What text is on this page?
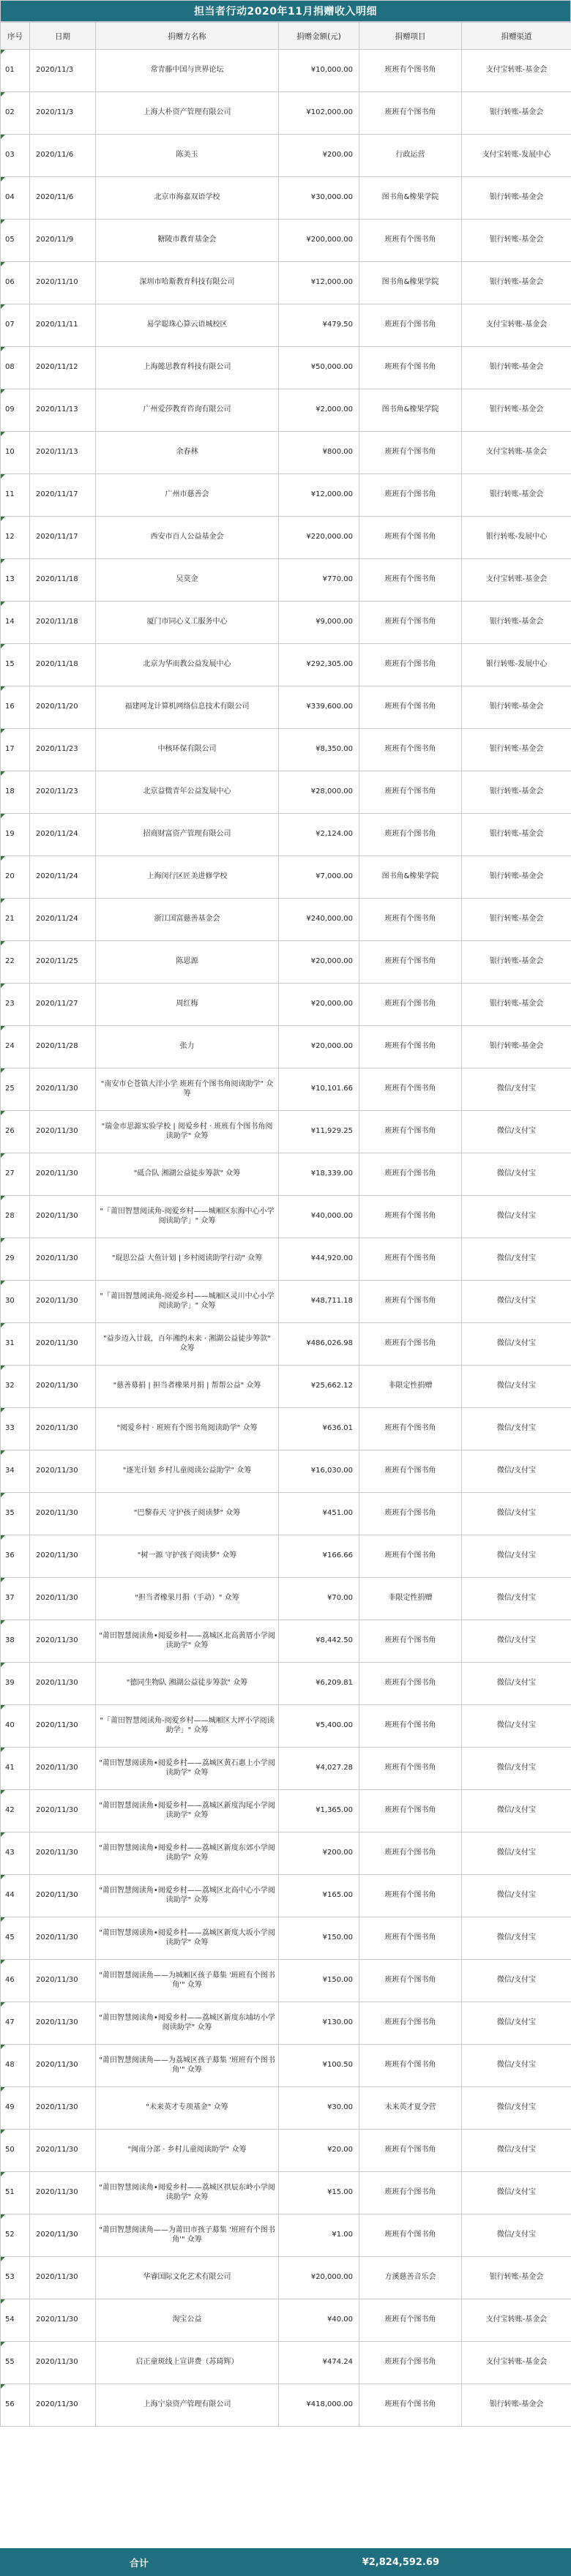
担当者行动2020年11月捐赠收入明细
序号	日期	捐赠方名称	捐赠金额(元)	捐赠项目	捐赠渠道

01	2020/11/3	常青藤中国与世界论坛	¥10,000.00	班班有个图书角	支付宝转账-基金会

02	2020/11/3	上海大朴资产管理有限公司	¥102,000.00	班班有个图书角	银行转账-基金会

03	2020/11/6	陈美玉	¥200.00	行政运营	支付宝转账-发展中心

04	2020/11/6	北京市海嘉双语学校	¥30,000.00	图书角&橡果学院	银行转账-基金会

05	2020/11/9	糖陵市教育基金会	¥200,000.00	班班有个图书角	银行转账-基金会

06	2020/11/10	深圳市哈斯教育科技有限公司	¥12,000.00	图书角&橡果学院	银行转账-基金会

07	2020/11/11	易学聪珠心算云语城校区	¥479.50	班班有个图书角	支付宝转账-基金会

08	2020/11/12	上海懿思教育科技有限公司	¥50,000.00	班班有个图书角	银行转账-基金会

09	2020/11/13	广州爱莎教育咨询有限公司	¥2,000.00	图书角&橡果学院	银行转账-基金会

10	2020/11/13	余春林	¥800.00	班班有个图书角	支付宝转账-基金会

11	2020/11/17	广州市慈善会	¥12,000.00	班班有个图书角	银行转账-基金会

12	2020/11/17	西安市百人公益基金会	¥220,000.00	班班有个图书角	银行转账-发展中心

13	2020/11/18	吴莫金	¥770.00	班班有个图书角	支付宝转账-基金会

14	2020/11/18	厦门市同心义工服务中心	¥9,000.00	班班有个图书角	银行转账-基金会

15	2020/11/18	北京为华而教公益发展中心	¥292,305.00	班班有个图书角	银行转账-发展中心

16	2020/11/20	福建网龙计算机网络信息技术有限公司	¥339,600.00	班班有个图书角	银行转账-基金会

17	2020/11/23	中核环保有限公司	¥8,350.00	班班有个图书角	银行转账-基金会

18	2020/11/23	北京益微青年公益发展中心	¥28,000.00	班班有个图书角	银行转账-基金会

19	2020/11/24	招商财富资产管理有限公司	¥2,124.00	班班有个图书角	银行转账-基金会

20	2020/11/24	上海闵行区匠美进修学校	¥7,000.00	图书角&橡果学院	银行转账-基金会

21	2020/11/24	浙江国富慈善基金会	¥240,000.00	班班有个图书角	银行转账-基金会

22	2020/11/25	陈思源	¥20,000.00	班班有个图书角	银行转账-基金会

23	2020/11/27	周红梅	¥20,000.00	班班有个图书角	银行转账-基金会

24	2020/11/28	张力	¥20,000.00	班班有个图书角	银行转账-基金会

25	2020/11/30	"南安市仑苍镇大洋小学 班班有个图书角阅读助学" 众筹	¥10,101.66	班班有个图书角	微信/支付宝

26	2020/11/30	"瑞金市思源实验学校 | 阅爱乡村 · 班班有个图书角阅读助学" 众筹	¥11,929.25	班班有个图书角	微信/支付宝

27	2020/11/30	"砥合队 湘湖公益徒步筹款" 众筹	¥18,339.00	班班有个图书角	微信/支付宝

28	2020/11/30	"「莆田智慧阅读角-阅爱乡村——城厢区东海中心小学阅读助学」" 众筹	¥40,000.00	班班有个图书角	微信/支付宝

29	2020/11/30	"琨思公益 大鱼计划 | 乡村阅读助学行动" 众筹	¥44,920.00	班班有个图书角	微信/支付宝

30	2020/11/30	"「莆田智慧阅读角-阅爱乡村——城厢区灵川中心小学阅读助学」" 众筹	¥48,711.18	班班有个图书角	微信/支付宝

31	2020/11/30	"益步迈入廿载，百年湘约未来 · 湘湖公益徒步筹款" 众筹	¥486,026.98	班班有个图书角	微信/支付宝

32	2020/11/30	"慈善募捐 | 担当者橡果月捐 | 帮帮公益" 众筹	¥25,662.12	非限定性捐赠	微信/支付宝

33	2020/11/30	"阅爱乡村 · 班班有个图书角阅读助学" 众筹	¥636.01	班班有个图书角	微信/支付宝

34	2020/11/30	"逐光计划 乡村儿童阅读公益助学" 众筹	¥16,030.00	班班有个图书角	微信/支付宝

35	2020/11/30	"巴黎春天 守护孩子阅读梦" 众筹	¥451.00	班班有个图书角	微信/支付宝

36	2020/11/30	"树一源 守护孩子阅读梦" 众筹	¥166.66	班班有个图书角	微信/支付宝

37	2020/11/30	"担当者橡果月捐（手动）" 众筹	¥70.00	非限定性捐赠	微信/支付宝

38	2020/11/30	"莆田智慧阅读角•阅爱乡村——荔城区北高黄厝小学阅读助学" 众筹	¥8,442.50	班班有个图书角	微信/支付宝

39	2020/11/30	"德同生物队 湘湖公益徒步筹款" 众筹	¥6,209.81	班班有个图书角	微信/支付宝

40	2020/11/30	"「莆田智慧阅读角-阅爱乡村——城厢区大坪小学阅读助学」" 众筹	¥5,400.00	班班有个图书角	微信/支付宝

41	2020/11/30	"莆田智慧阅读角•阅爱乡村——荔城区黄石惠上小学阅读助学" 众筹	¥4,027.28	班班有个图书角	微信/支付宝

42	2020/11/30	"莆田智慧阅读角•阅爱乡村——荔城区新度沟尾小学阅读助学" 众筹	¥1,365.00	班班有个图书角	微信/支付宝

43	2020/11/30	"莆田智慧阅读角•阅爱乡村——荔城区新度东郊小学阅读助学" 众筹	¥200.00	班班有个图书角	微信/支付宝

44	2020/11/30	"莆田智慧阅读角•阅爱乡村——荔城区北高中心小学阅读助学" 众筹	¥165.00	班班有个图书角	微信/支付宝

45	2020/11/30	"莆田智慧阅读角•阅爱乡村——荔城区新度大坂小学阅读助学" 众筹	¥150.00	班班有个图书角	微信/支付宝

46	2020/11/30	"莆田智慧阅读角——为城厢区孩子募集 '班班有个图书角'" 众筹	¥150.00	班班有个图书角	微信/支付宝

47	2020/11/30	"莆田智慧阅读角•阅爱乡村——荔城区新度东埔坊小学阅读助学" 众筹	¥130.00	班班有个图书角	微信/支付宝

48	2020/11/30	"莆田智慧阅读角——为荔城区孩子募集 '班班有个图书角'" 众筹	¥100.50	班班有个图书角	微信/支付宝

49	2020/11/30	"未来英才专项基金" 众筹	¥30.00	未来英才夏令营	微信/支付宝

50	2020/11/30	"闽南分部 · 乡村儿童阅读助学" 众筹	¥20.00	班班有个图书角	微信/支付宝

51	2020/11/30	"莆田智慧阅读角•阅爱乡村——荔城区拱辰东岭小学阅读助学" 众筹	¥15.00	班班有个图书角	微信/支付宝

52	2020/11/30	"莆田智慧阅读角——为莆田市孩子募集 '班班有个图书角'" 众筹	¥1.00	班班有个图书角	微信/支付宝

53	2020/11/30	华睿国际文化艺术有限公司	¥20,000.00	方溪慈善音乐会	银行转账-基金会

54	2020/11/30	淘宝公益	¥40.00	班班有个图书角	支付宝转账-基金会

55	2020/11/30	启正童斑线上宣讲费（苏琦辉）	¥474.24	班班有个图书角	支付宝转账-基金会

56	2020/11/30	上海宁泉资产管理有限公司	¥418,000.00	班班有个图书角	银行转账-基金会
合计	¥2,824,592.69
